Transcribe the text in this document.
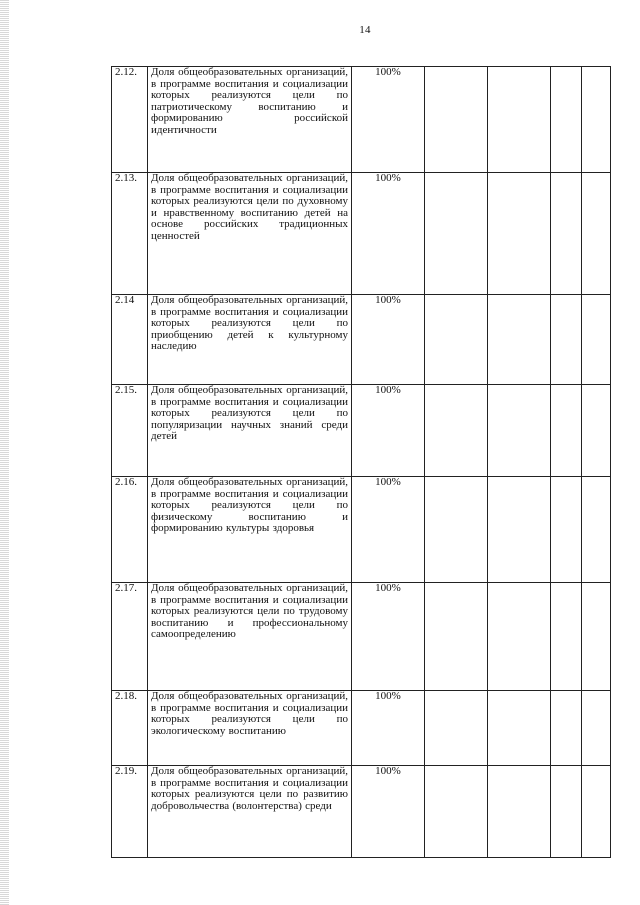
14
2.12.	Доля общеобразовательных организаций, в программе воспитания и социализации которых реализуются цели по патриотическому воспитанию и формированию российской идентичности	100%				
2.13.	Доля общеобразовательных организаций, в программе воспитания и социализации которых реализуются цели по духовному и нравственному воспитанию детей на основе российских традиционных ценностей	100%				
2.14	Доля общеобразовательных организаций, в программе воспитания и социализации которых реализуются цели по приобщению детей к культурному наследию	100%				
2.15.	Доля общеобразовательных организаций, в программе воспитания и социализации которых реализуются цели по популяризации научных знаний среди детей	100%				
2.16.	Доля общеобразовательных организаций, в программе воспитания и социализации которых реализуются цели по физическому воспитанию и формированию культуры здоровья	100%				
2.17.	Доля общеобразовательных организаций, в программе воспитания и социализации которых реализуются цели по трудовому воспитанию и профессиональному самоопределению	100%				
2.18.	Доля общеобразовательных организаций, в программе воспитания и социализации которых реализуются цели по экологическому воспитанию	100%				
2.19.	Доля общеобразовательных организаций, в программе воспитания и социализации которых реализуются цели по развитию добровольчества (волонтерства) среди	100%				
